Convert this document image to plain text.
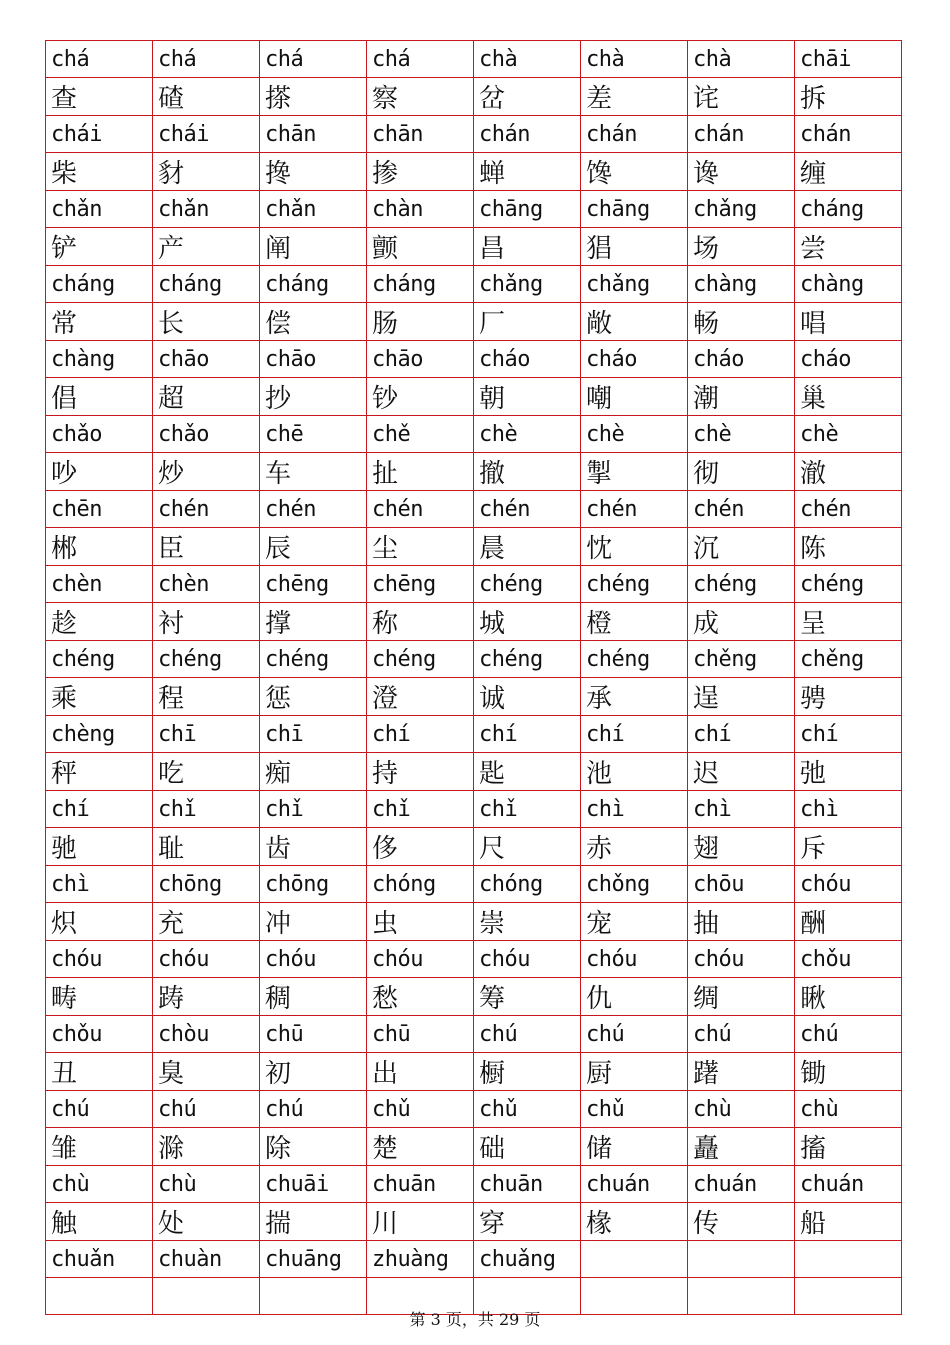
chá	chá	chá	chá	chà	chà	chà	chāi
查	碴	搽	察	岔	差	诧	拆
chái	chái	chān	chān	chán	chán	chán	chán
柴	豺	搀	掺	蝉	馋	谗	缠
chǎn	chǎn	chǎn	chàn	chāng	chāng	chǎng	cháng
铲	产	阐	颤	昌	猖	场	尝
cháng	cháng	cháng	cháng	chǎng	chǎng	chàng	chàng
常	长	偿	肠	厂	敞	畅	唱
chàng	chāo	chāo	chāo	cháo	cháo	cháo	cháo
倡	超	抄	钞	朝	嘲	潮	巢
chǎo	chǎo	chē	chě	chè	chè	chè	chè
吵	炒	车	扯	撤	掣	彻	澈
chēn	chén	chén	chén	chén	chén	chén	chén
郴	臣	辰	尘	晨	忱	沉	陈
chèn	chèn	chēng	chēng	chéng	chéng	chéng	chéng
趁	衬	撑	称	城	橙	成	呈
chéng	chéng	chéng	chéng	chéng	chéng	chěng	chěng
乘	程	惩	澄	诚	承	逞	骋
chèng	chī	chī	chí	chí	chí	chí	chí
秤	吃	痴	持	匙	池	迟	弛
chí	chǐ	chǐ	chǐ	chǐ	chì	chì	chì
驰	耻	齿	侈	尺	赤	翅	斥
chì	chōng	chōng	chóng	chóng	chǒng	chōu	chóu
炽	充	冲	虫	崇	宠	抽	酬
chóu	chóu	chóu	chóu	chóu	chóu	chóu	chǒu
畴	踌	稠	愁	筹	仇	绸	瞅
chǒu	chòu	chū	chū	chú	chú	chú	chú
丑	臭	初	出	橱	厨	躇	锄
chú	chú	chú	chǔ	chǔ	chǔ	chù	chù
雏	滁	除	楚	础	储	矗	搐
chù	chù	chuāi	chuān	chuān	chuán	chuán	chuán
触	处	揣	川	穿	椽	传	船
chuǎn	chuàn	chuāng	zhuàng	chuǎng			

第 3 页，共 29 页
